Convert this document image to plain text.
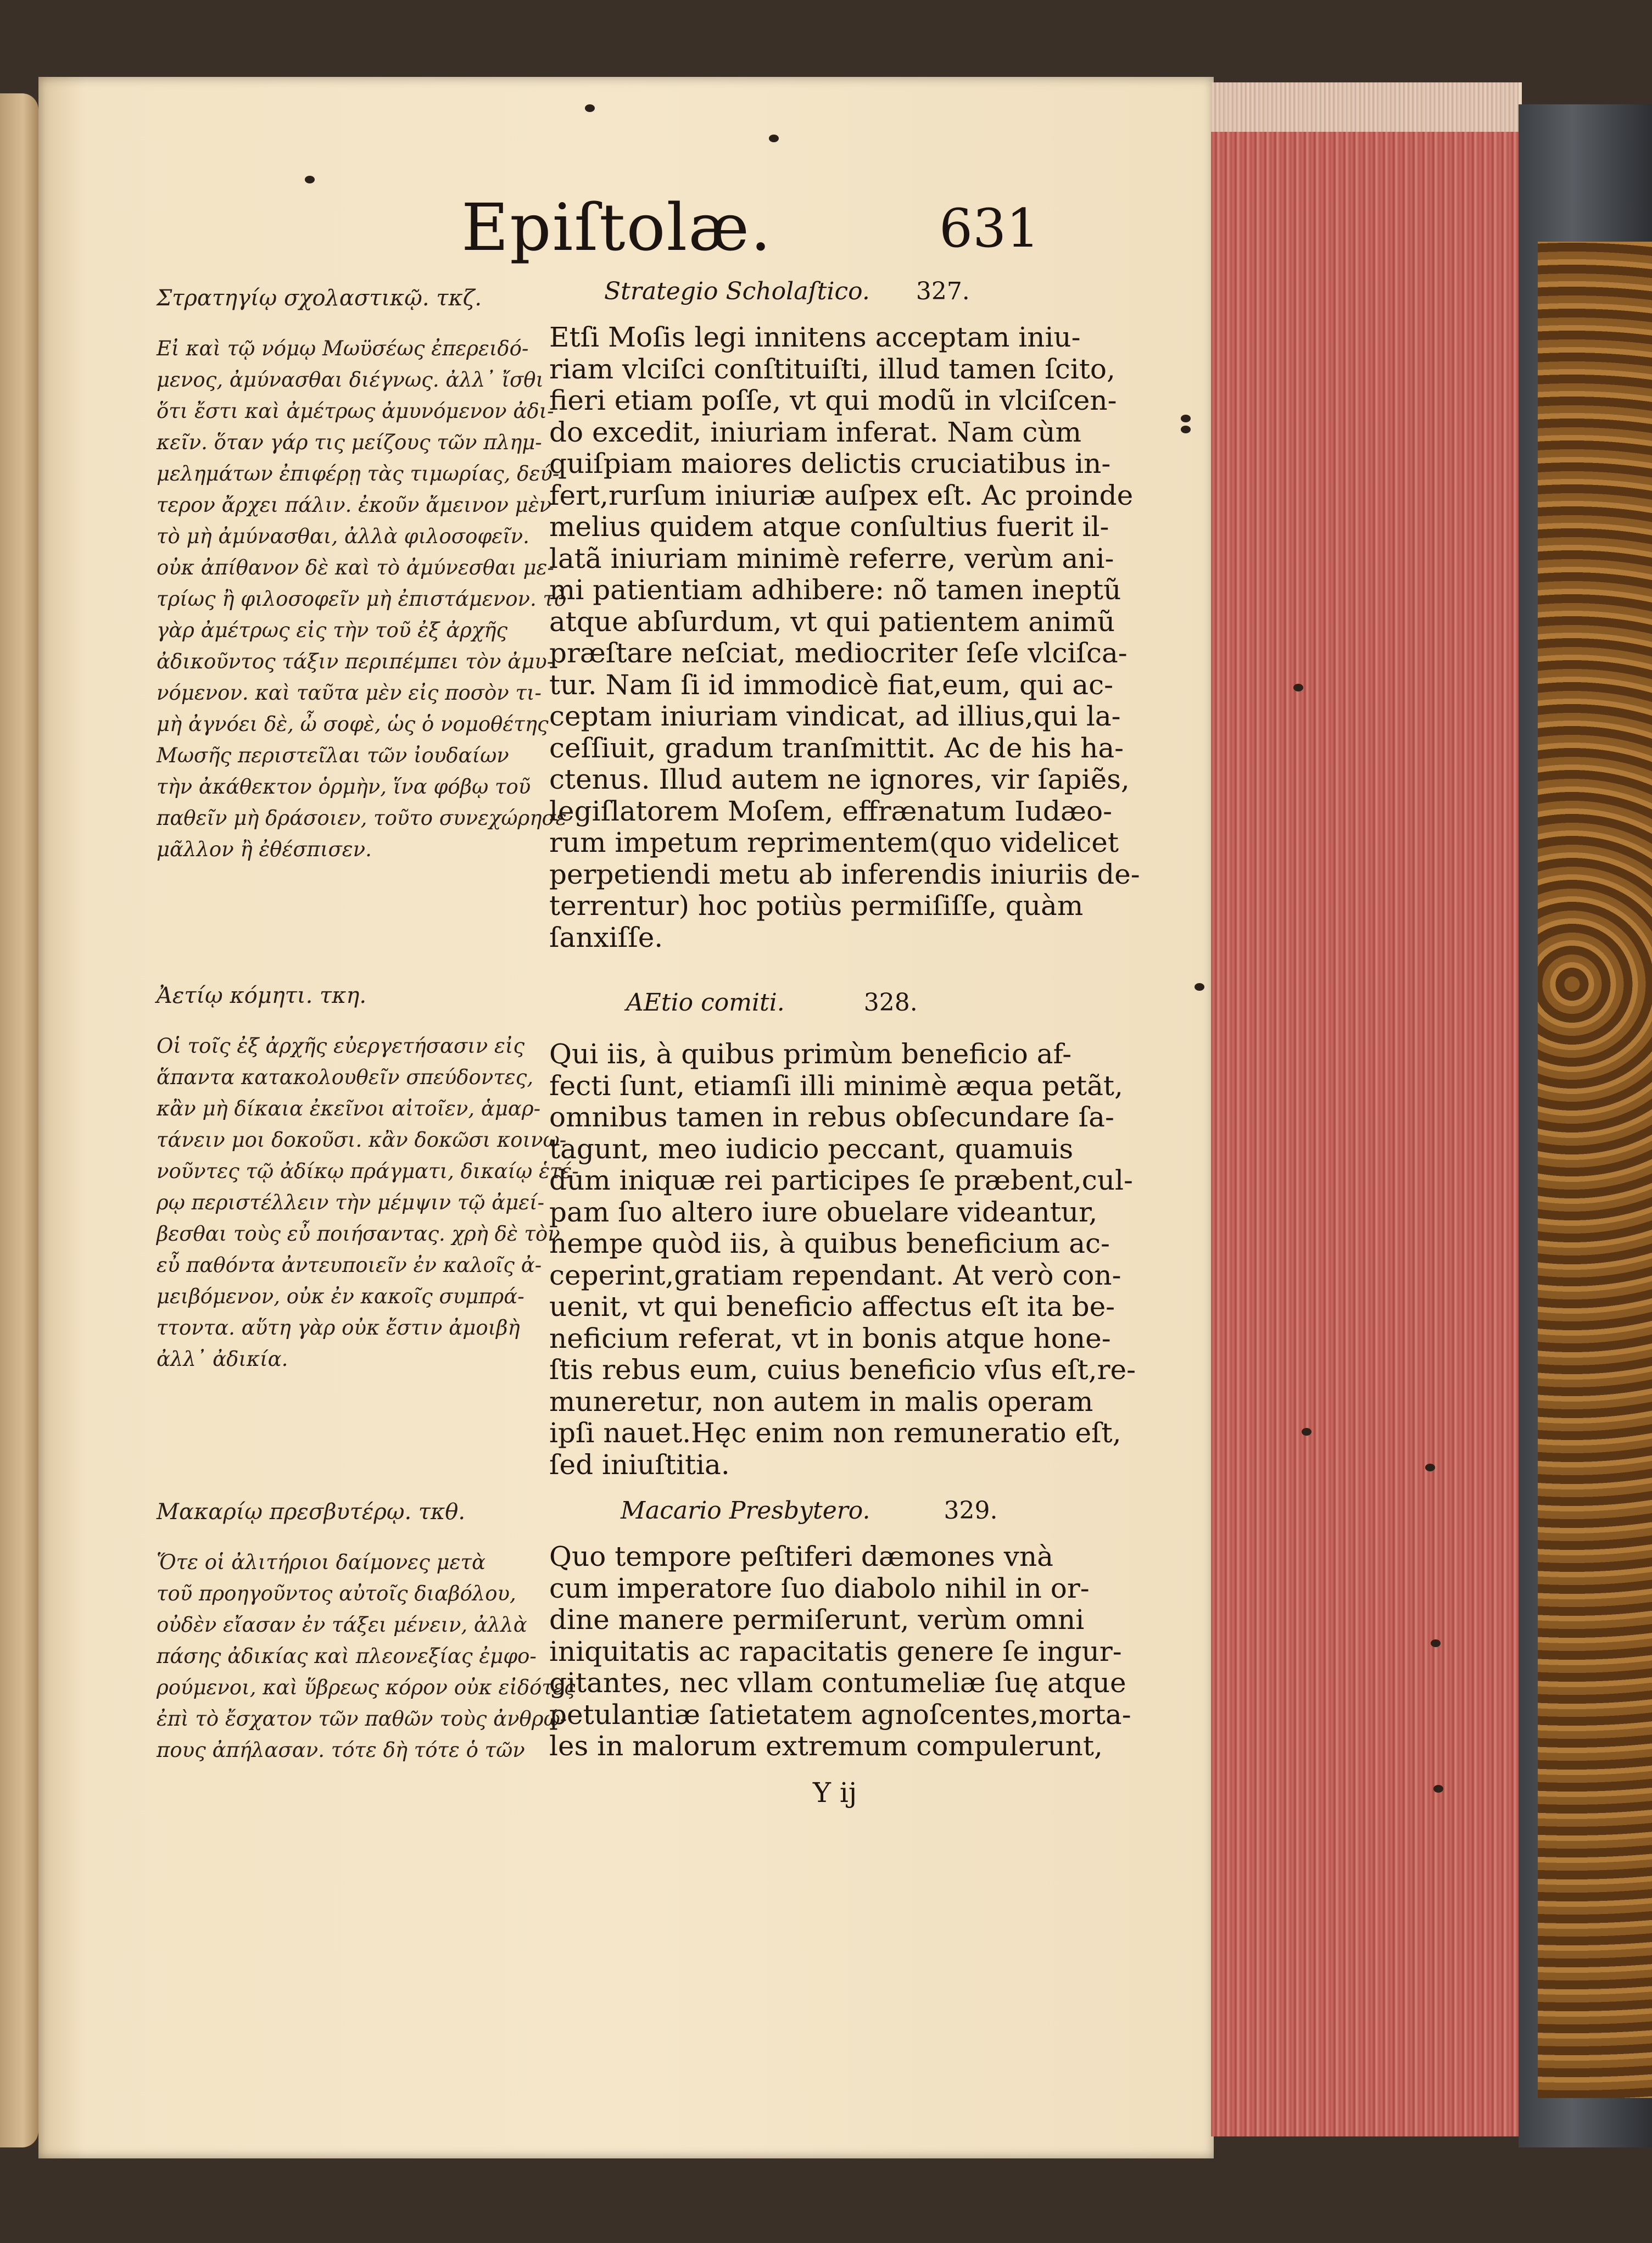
Epiſtolæ.	631
Στρατηγίῳ σχολαστικῷ. τκζ.

Εἰ καὶ τῷ νόμῳ Μωϋσέως ἐπερειδό-

μενος, ἀμύνασθαι διέγνως. ἀλλ᾽ ἴσθι

ὅτι ἔστι καὶ ἀμέτρως ἀμυνόμενον ἀδι-

κεῖν. ὅταν γάρ τις μείζους τῶν πλημ-

μελημάτων ἐπιφέρῃ τὰς τιμωρίας, δεύ-

τερον ἄρχει πάλιν. ἐκοῦν ἄμεινον μὲν

τὸ μὴ ἀμύνασθαι, ἀλλὰ φιλοσοφεῖν.

οὐκ ἀπίθανον δὲ καὶ τὸ ἀμύνεσθαι με-

τρίως ἢ φιλοσοφεῖν μὴ ἐπιστάμενον. τὸ

γὰρ ἀμέτρως εἰς τὴν τοῦ ἐξ ἀρχῆς

ἀδικοῦντος τάξιν περιπέμπει τὸν ἀμυ-

νόμενον. καὶ ταῦτα μὲν εἰς ποσὸν τι-

μὴ ἀγνόει δὲ, ὦ σοφὲ, ὡς ὁ νομοθέτης

Μωσῆς περιστεῖλαι τῶν ἰουδαίων

τὴν ἀκάθεκτον ὁρμὴν, ἵνα φόβῳ τοῦ

παθεῖν μὴ δράσοιεν, τοῦτο συνεχώρησε

μᾶλλον ἢ ἐθέσπισεν.

Ἀετίῳ κόμητι. τκη.

Οἱ τοῖς ἐξ ἀρχῆς εὐεργετήσασιν εἰς

ἅπαντα κατακολουθεῖν σπεύδοντες,

κἂν μὴ δίκαια ἐκεῖνοι αἰτοῖεν, ἁμαρ-

τάνειν μοι δοκοῦσι. κἂν δοκῶσι κοινω-

νοῦντες τῷ ἀδίκῳ πράγματι, δικαίῳ ἑτέ-

ρῳ περιστέλλειν τὴν μέμψιν τῷ ἀμεί-

βεσθαι τοὺς εὖ ποιήσαντας. χρὴ δὲ τὸν

εὖ παθόντα ἀντευποιεῖν ἐν καλοῖς ἀ-

μειβόμενον, οὐκ ἐν κακοῖς συμπρά-

ττοντα. αὕτη γὰρ οὐκ ἔστιν ἀμοιβὴ

ἀλλ᾽ ἀδικία.

Μακαρίῳ πρεσβυτέρῳ. τκθ.

Ὅτε οἱ ἀλιτήριοι δαίμονες μετὰ

τοῦ προηγοῦντος αὐτοῖς διαβόλου,

οὐδὲν εἴασαν ἐν τάξει μένειν, ἀλλὰ

πάσης ἀδικίας καὶ πλεονεξίας ἐμφο-

ρούμενοι, καὶ ὕβρεως κόρον οὐκ εἰδότες

ἐπὶ τὸ ἔσχατον τῶν παθῶν τοὺς ἀνθρώ-

πους ἀπήλασαν. τότε δὴ τότε ὁ τῶν

Strategio Scholaſtico. 327.

Etſi Moſis legi innitens acceptam iniu-

riam vlciſci conſtituiſti, illud tamen ſcito,

fieri etiam poſſe, vt qui modũ in vlciſcen-

do excedit, iniuriam inferat. Nam cùm

quiſpiam maiores delictis cruciatibus in-

fert,rurſum iniuriæ auſpex eſt. Ac proinde

melius quidem atque conſultius fuerit il-

latã iniuriam minimè referre, verùm ani-

mi patientiam adhibere: nõ tamen ineptũ

atque abſurdum, vt qui patientem animũ

præſtare neſciat, mediocriter ſeſe vlciſca-

tur. Nam ſi id immodicè fiat,eum, qui ac-

ceptam iniuriam vindicat, ad illius,qui la-

ceſſiuit, gradum tranſmittit. Ac de his ha-

ctenus. Illud autem ne ignores, vir ſapiẽs,

legiſlatorem Moſem, effrænatum Iudæo-

rum impetum reprimentem(quo videlicet

perpetiendi metu ab inferendis iniuriis de-

terrentur) hoc potiùs permiſiſſe, quàm

ſanxiſſe.

AEtio comiti.	328.

Qui iis, à quibus primùm beneficio af-

fecti ſunt, etiamſi illi minimè æqua petãt,

omnibus tamen in rebus obſecundare ſa-

tagunt, meo iudicio peccant, quamuis

dum iniquæ rei participes ſe præbent,cul-

pam ſuo altero iure obuelare videantur,

nempe quòd iis, à quibus beneficium ac-

ceperint,gratiam rependant. At verò con-

uenit, vt qui beneficio affectus eſt ita be-

neficium referat, vt in bonis atque hone-

ſtis rebus eum, cuius beneficio vſus eſt,re-

muneretur, non autem in malis operam

ipſi nauet.Hęc enim non remuneratio eſt,

ſed iniuſtitia.

Macario Presbytero.	329.

Quo tempore peſtiferi dæmones vnà

cum imperatore ſuo diabolo nihil in or-

dine manere permiſerunt, verùm omni

iniquitatis ac rapacitatis genere ſe ingur-

gitantes, nec vllam contumeliæ ſuę atque

petulantiæ ſatietatem agnoſcentes,morta-

les in malorum extremum compulerunt,

Y ij
